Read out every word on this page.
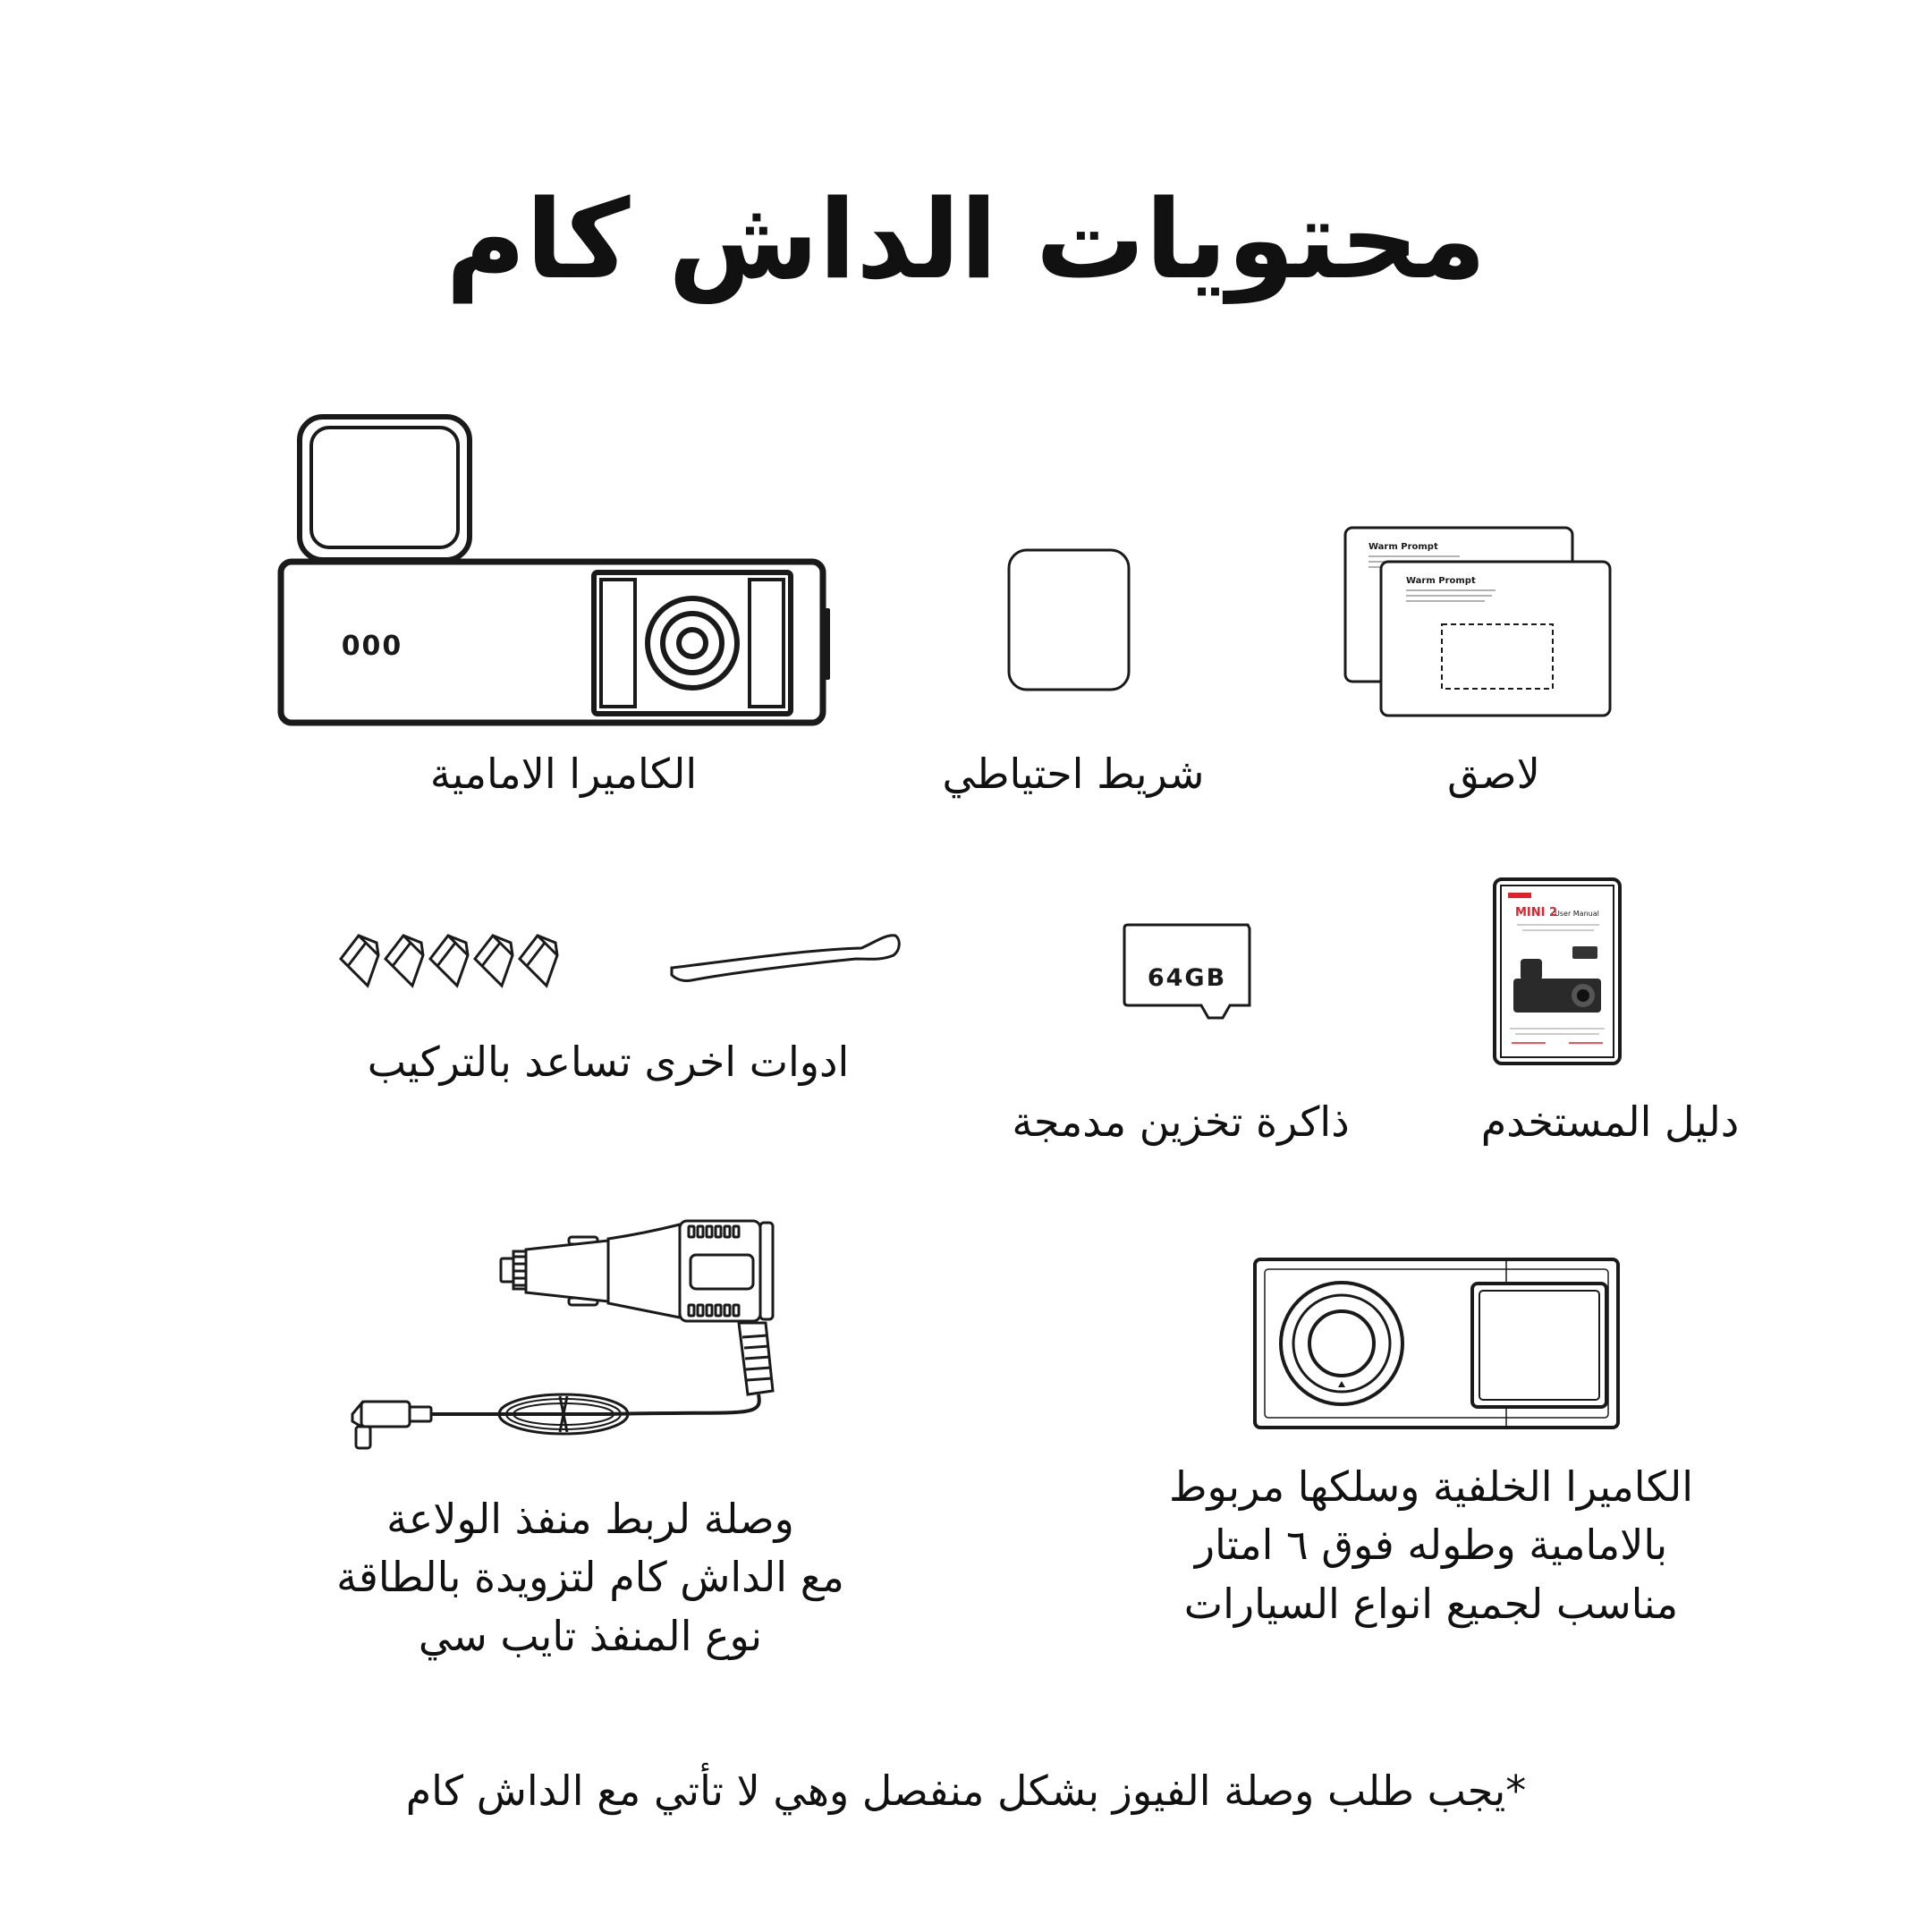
محتويات الداش كام
000
الكاميرا الامامية	شريط احتياطي
Warm Prompt
Warm Prompt
لاصق
ادوات اخرى تساعد بالتركيب
64GB
ذاكرة تخزين مدمجة
MINI 2
User Manual
دليل المستخدم
وصلة لربط منفذ الولاعة
مع الداش كام لتزويدة بالطاقة
نوع المنفذ تايب سي
الكاميرا الخلفية وسلكها مربوط
بالامامية وطوله فوق ٦ امتار
مناسب لجميع انواع السيارات
*يجب طلب وصلة الفيوز بشكل منفصل وهي لا تأتي مع الداش كام
